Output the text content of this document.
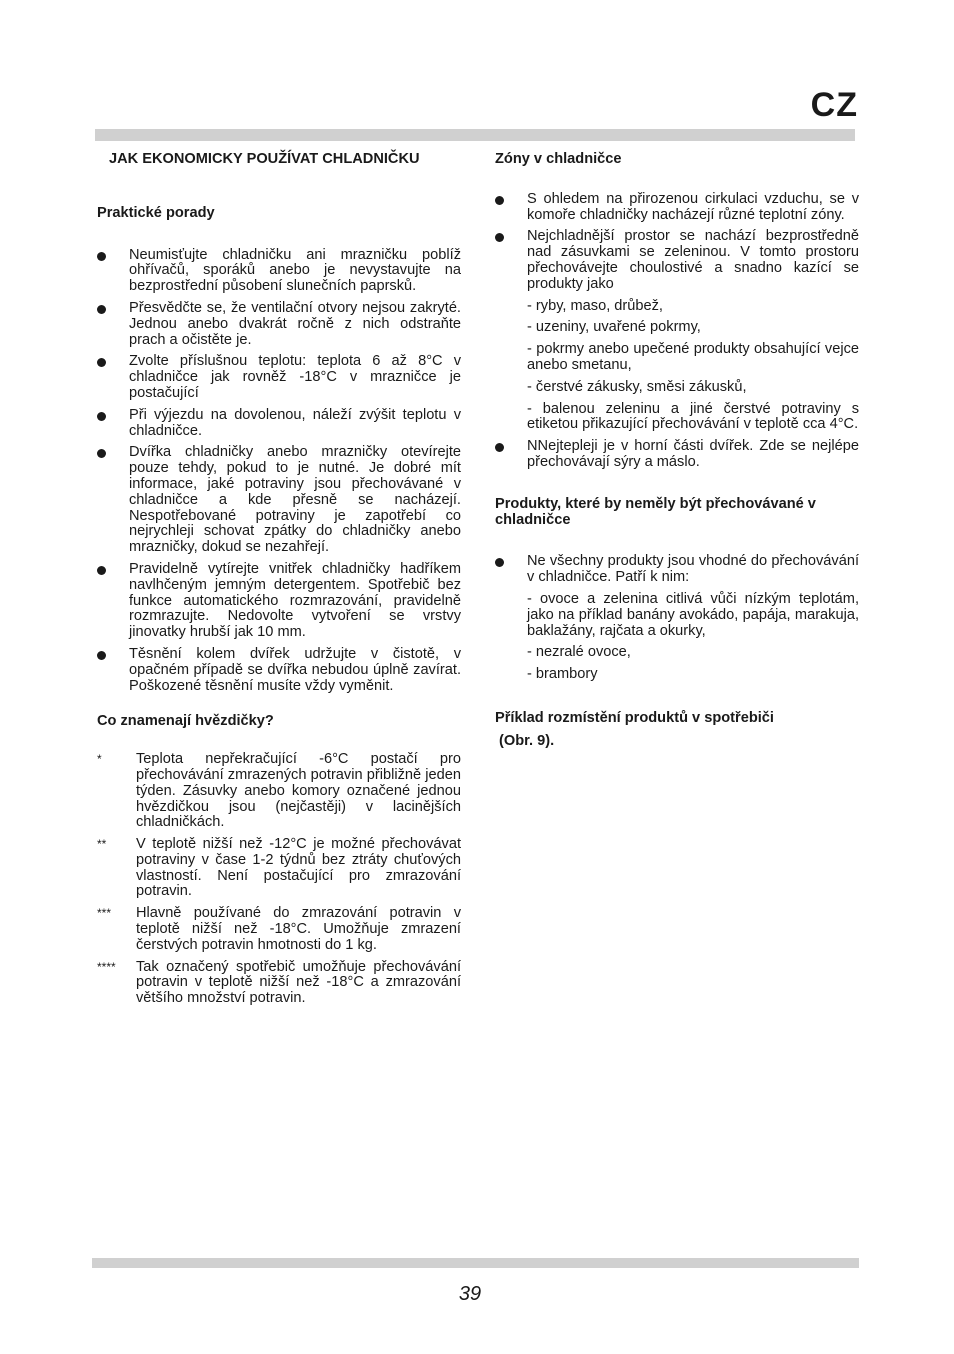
CZ

JAK EKONOMICKY POUŽÍVAT CHLADNIČKU

Praktické porady

Neumisťujte chladničku ani mrazničku poblíž ohřívačů, sporáků anebo je nevystavujte na bezprostřední působení slunečních paprsků.
Přesvědčte se, že ventilační otvory nejsou zakryté. Jednou anebo dvakrát ročně z nich odstraňte prach a očistěte je.
Zvolte příslušnou teplotu: teplota 6 až 8°C v chladničce jak rovněž -18°C v mrazničce je postačující
Při výjezdu na dovolenou, náleží zvýšit teplotu v chladničce.
Dvířka chladničky anebo mrazničky otevírejte pouze tehdy, pokud to je nutné. Je dobré mít informace, jaké potraviny jsou přechovávané v chladničce a kde přesně se nacházejí. Nespotřebované potraviny je zapotřebí co nejrychleji schovat zpátky do chladničky anebo mrazničky, dokud se nezahřejí.
Pravidelně vytírejte vnitřek chladničky hadříkem navlhčeným jemným detergentem. Spotřebič bez funkce automatického rozmrazování, pravidelně rozmrazujte. Nedovolte vytvoření se vrstvy jinovatky hrubší jak 10 mm.
Těsnění kolem dvířek udržujte v čistotě, v opačném případě se dvířka nebudou úplně zavírat. Poškozené těsnění musíte vždy vyměnit.

Co znamenají hvězdičky?

* Teplota nepřekračující -6°C postačí pro přechovávání zmrazených potravin přibližně jeden týden. Zásuvky anebo komory označené jednou hvězdičkou jsou (nejčastěji) v lacinějších chladničkách.
** V teplotě nižší než -12°C je možné přechovávat potraviny v čase 1-2 týdnů bez ztráty chuťových vlastností. Není postačující pro zmrazování potravin.
*** Hlavně používané do zmrazování potravin v teplotě nižší než -18°C. Umožňuje zmrazení čerstvých potravin hmotnosti do 1 kg.
**** Tak označený spotřebič umožňuje přechovávání potravin v teplotě nižší než -18°C a zmrazování většího množství potravin.

Zóny v chladničce

S ohledem na přirozenou cirkulaci vzduchu, se v komoře chladničky nacházejí různé teplotní zóny.
Nejchladnější prostor se nachází bezprostředně nad zásuvkami se zeleninou. V tomto prostoru přechovávejte choulostivé a snadno kazící se produkty jako

- ryby, maso, drůbež,

- uzeniny, uvařené pokrmy,

- pokrmy anebo upečené produkty obsahující vejce anebo smetanu,

- čerstvé zákusky, směsi zákusků,

- balenou zeleninu a jiné čerstvé potraviny s etiketou přikazující přechovávání v teplotě cca 4°C.

NNejtepleji je v horní části dvířek. Zde se nejlépe přechovávají sýry a máslo.

Produkty, které by neměly být přechovávané v chladničce

Ne všechny produkty jsou vhodné do přechovávání v chladničce. Patří k nim:

- ovoce a zelenina citlivá vůči nízkým teplotám, jako na příklad banány avokádo, papája, marakuja, baklažány, rajčata a okurky,

- nezralé ovoce,

- brambory

Příklad rozmístění produktů v spotřebiči

(Obr. 9).

39
